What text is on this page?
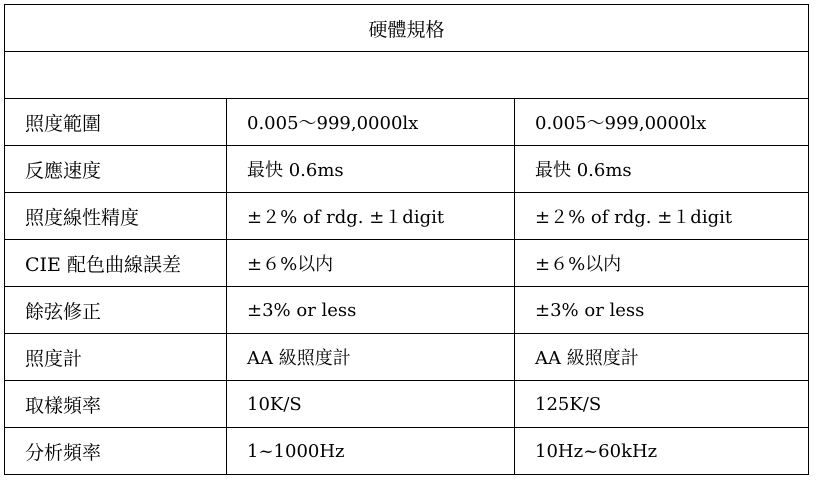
硬體規格		

照度範圍	0.005～999,0000lx	0.005～999,0000lx
反應速度	最快 0.6ms	最快 0.6ms
照度線性精度	±２% of rdg. ±１digit	±２% of rdg. ±１digit
CIE 配色曲線誤差	±６%以内	±６%以内
餘弦修正	±3% or less	±3% or less
照度計	AA 級照度計	AA 級照度計
取樣頻率	10K/S	125K/S
分析頻率	1~1000Hz	10Hz~60kHz
